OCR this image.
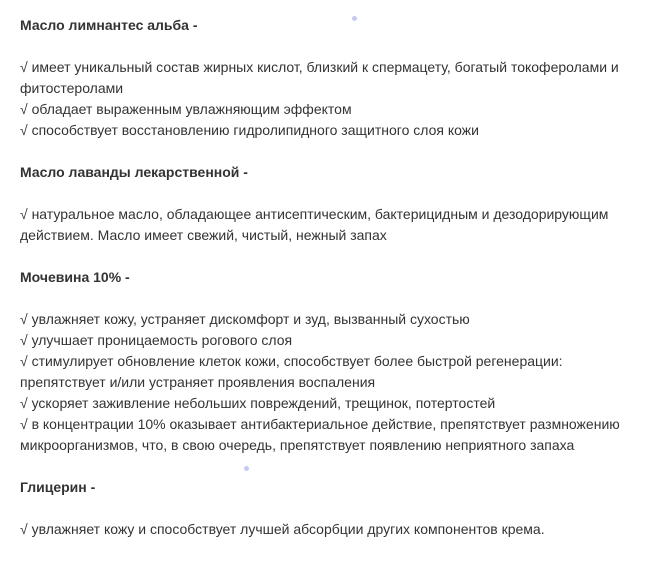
Масло лимнантес альба -

√ имеет уникальный состав жирных кислот, близкий к спермацету, богатый токоферолами и фитостеролами
√ обладает выраженным увлажняющим эффектом
√ способствует восстановлению гидролипидного защитного слоя кожи

Масло лаванды лекарственной -

√ натуральное масло, обладающее антисептическим, бактерицидным и дезодорирующим действием. Масло имеет свежий, чистый, нежный запах

Мочевина 10% -

√ увлажняет кожу, устраняет дискомфорт и зуд, вызванный сухостью
√ улучшает проницаемость рогового слоя
√ стимулирует обновление клеток кожи, способствует более быстрой регенерации: препятствует и/или устраняет проявления воспаления
√ ускоряет заживление небольших повреждений, трещинок, потертостей
√ в концентрации 10% оказывает антибактериальное действие, препятствует размножению микроорганизмов, что, в свою очередь, препятствует появлению неприятного запаха

Глицерин -

√ увлажняет кожу и способствует лучшей абсорбции других компонентов крема.
